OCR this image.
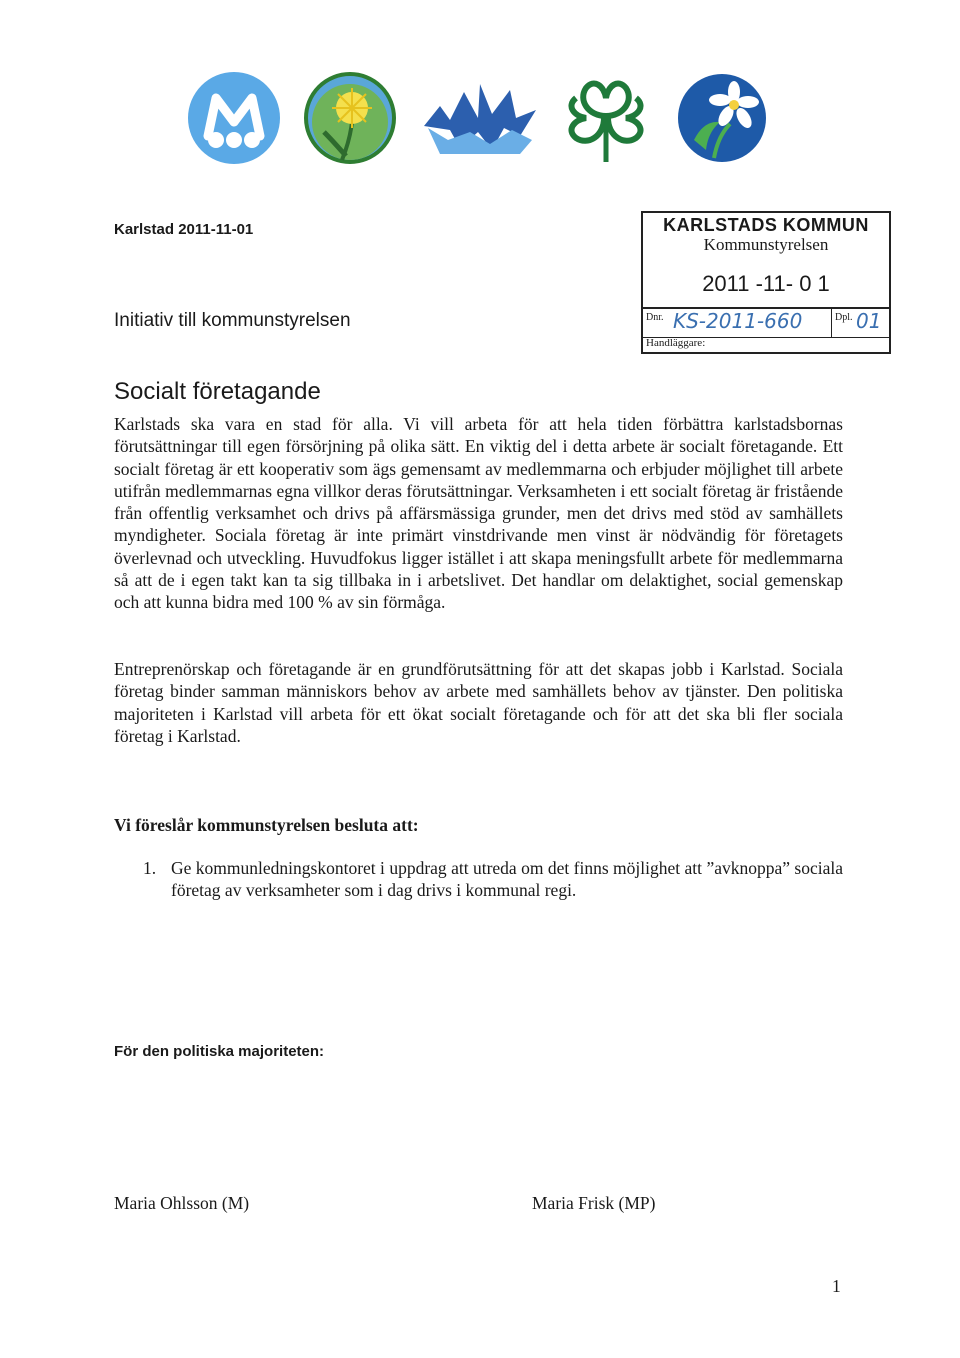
Karlstad 2011-11-01
Initiativ till kommunstyrelsen
KARLSTADS KOMMUN
Kommunstyrelsen
2011 -11- 0 1
Dnr. KS-2011-660	Dpl. 01
Handläggare:
Socialt företagande
Karlstads ska vara en stad för alla. Vi vill arbeta för att hela tiden förbättra karlstadsbornas förutsättningar till egen försörjning på olika sätt. En viktig del i detta arbete är socialt företagande. Ett socialt företag är ett kooperativ som ägs gemensamt av medlemmarna och erbjuder möjlighet till arbete utifrån medlemmarnas egna villkor deras förutsättningar. Verksamheten i ett socialt företag är fristående från offentlig verksamhet och drivs på affärsmässiga grunder, men det drivs med stöd av samhällets myndigheter. Sociala företag är inte primärt vinstdrivande men vinst är nödvändig för företagets överlevnad och utveckling. Huvudfokus ligger istället i att skapa meningsfullt arbete för medlemmarna så att de i egen takt kan ta sig tillbaka in i arbetslivet. Det handlar om delaktighet, social gemenskap och att kunna bidra med 100 % av sin förmåga.
Entreprenörskap och företagande är en grundförutsättning för att det skapas jobb i Karlstad. Sociala företag binder samman människors behov av arbete med samhällets behov av tjänster. Den politiska majoriteten i Karlstad vill arbeta för ett ökat socialt företagande och för att det ska bli fler sociala företag i Karlstad.
Vi föreslår kommunstyrelsen besluta att:
1. Ge kommunledningskontoret i uppdrag att utreda om det finns möjlighet att ”avknoppa” sociala företag av verksamheter som i dag drivs i kommunal regi.
För den politiska majoriteten:
Maria Ohlsson (M)	Maria Frisk (MP)
1
